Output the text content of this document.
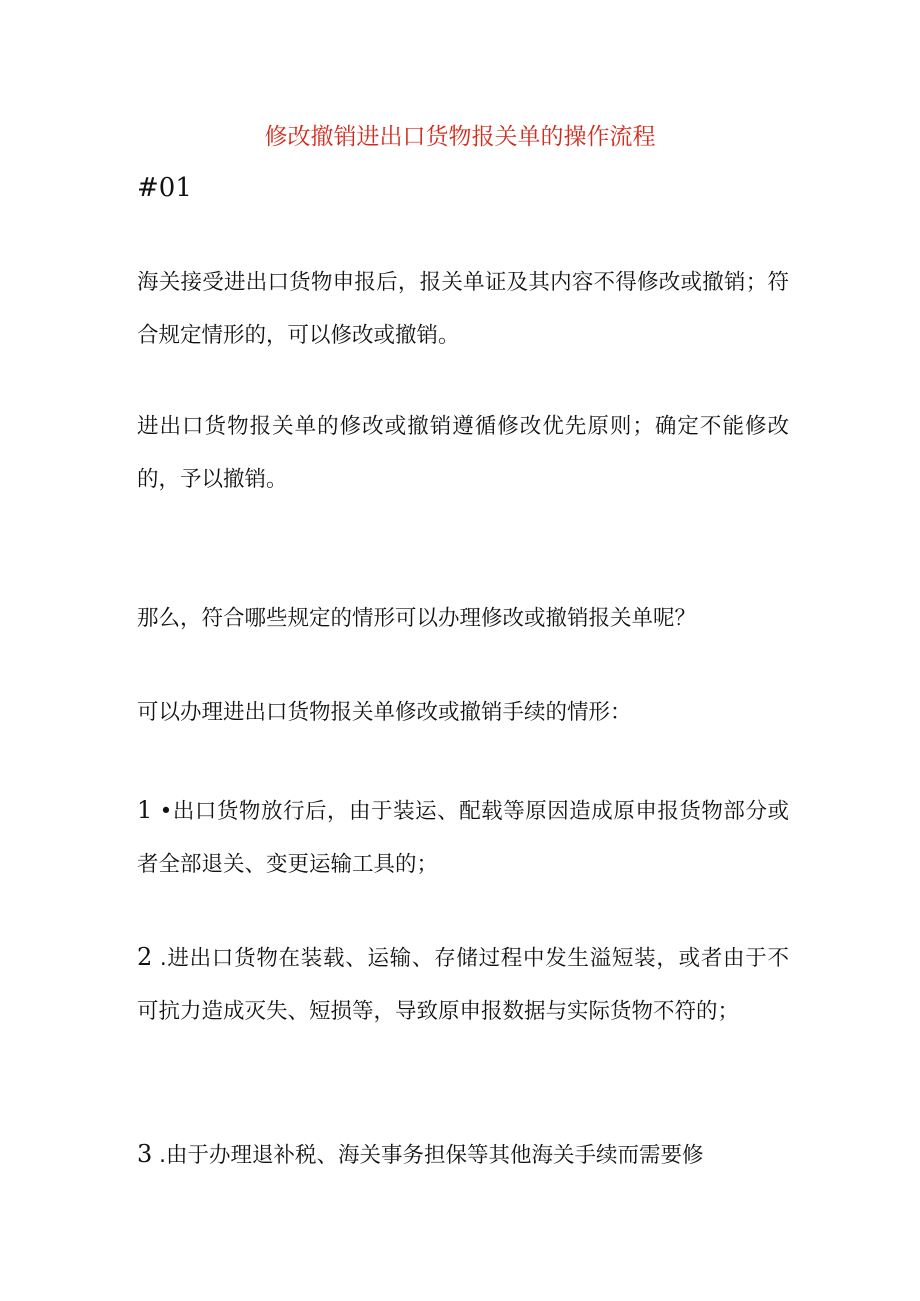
修改撤销进出口货物报关单的操作流程
#01

海关接受进出口货物申报后，报关单证及其内容不得修改或撤销；符合规定情形的，可以修改或撤销。

进出口货物报关单的修改或撤销遵循修改优先原则；确定不能修改的，予以撤销。

那么，符合哪些规定的情形可以办理修改或撤销报关单呢？

可以办理进出口货物报关单修改或撤销手续的情形：

1 •出口货物放行后，由于装运、配载等原因造成原申报货物部分或者全部退关、变更运输工具的；

2 .进出口货物在装载、运输、存储过程中发生溢短装，或者由于不可抗力造成灭失、短损等，导致原申报数据与实际货物不符的；

3 .由于办理退补税、海关事务担保等其他海关手续而需要修
